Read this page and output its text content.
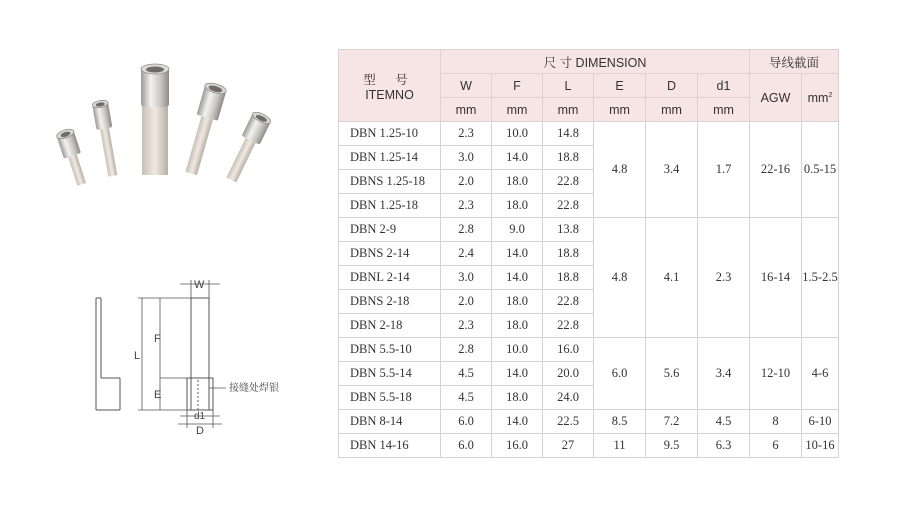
W
L
F
E
d1
D
接缝处焊银
型 号
ITEMNO	尺 寸 DIMENSION						导线截面	
	W	F	L	E	D	d1	AGW	$mm^2$
	mm	mm	mm	mm	mm	mm		
DBN 1.25-10	2.3	10.0	14.8	4.8	3.4	1.7	22-16	0.5-15
DBN 1.25-14	3.0	14.0	18.8					
DBNS 1.25-18	2.0	18.0	22.8					
DBN 1.25-18	2.3	18.0	22.8					
DBN 2-9	2.8	9.0	13.8	4.8	4.1	2.3	16-14	1.5-2.5
DBNS 2-14	2.4	14.0	18.8					
DBNL 2-14	3.0	14.0	18.8					
DBNS 2-18	2.0	18.0	22.8					
DBN 2-18	2.3	18.0	22.8					
DBN 5.5-10	2.8	10.0	16.0	6.0	5.6	3.4	12-10	4-6
DBN 5.5-14	4.5	14.0	20.0					
DBN 5.5-18	4.5	18.0	24.0					
DBN 8-14	6.0	14.0	22.5	8.5	7.2	4.5	8	6-10
DBN 14-16	6.0	16.0	27	11	9.5	6.3	6	10-16
